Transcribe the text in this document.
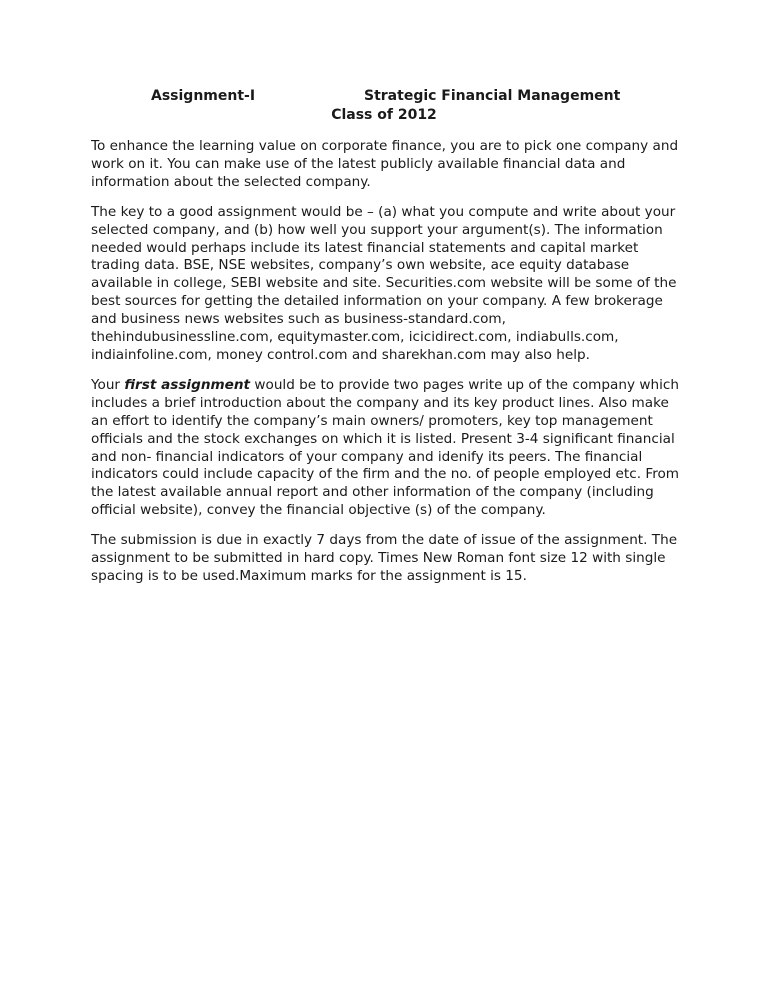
Assignment-I	Strategic Financial Management
Class of 2012

To enhance the learning value on corporate finance, you are to pick one company and work on it. You can make use of the latest publicly available financial data and information about the selected company.

The key to a good assignment would be – (a) what you compute and write about your selected company, and (b) how well you support your argument(s). The information needed would perhaps include its latest financial statements and capital market trading data. BSE, NSE websites, company’s own website, ace equity database available in college, SEBI website and site. Securities.com website will be some of the best sources for getting the detailed information on your company. A few brokerage and business news websites such as business-standard.com, thehindubusinessline.com, equitymaster.com, icicidirect.com, indiabulls.com, indiainfoline.com, money control.com and sharekhan.com may also help.

Your first assignment would be to provide two pages write up of the company which includes a brief introduction about the company and its key product lines. Also make an effort to identify the company’s main owners/ promoters, key top management officials and the stock exchanges on which it is listed. Present 3-4 significant financial and non- financial indicators of your company and idenify its peers. The financial indicators could include capacity of the firm and the no. of people employed etc. From the latest available annual report and other information of the company (including official website), convey the financial objective (s) of the company.

The submission is due in exactly 7 days from the date of issue of the assignment. The assignment to be submitted in hard copy. Times New Roman font size 12 with single spacing is to be used.Maximum marks for the assignment is 15.
